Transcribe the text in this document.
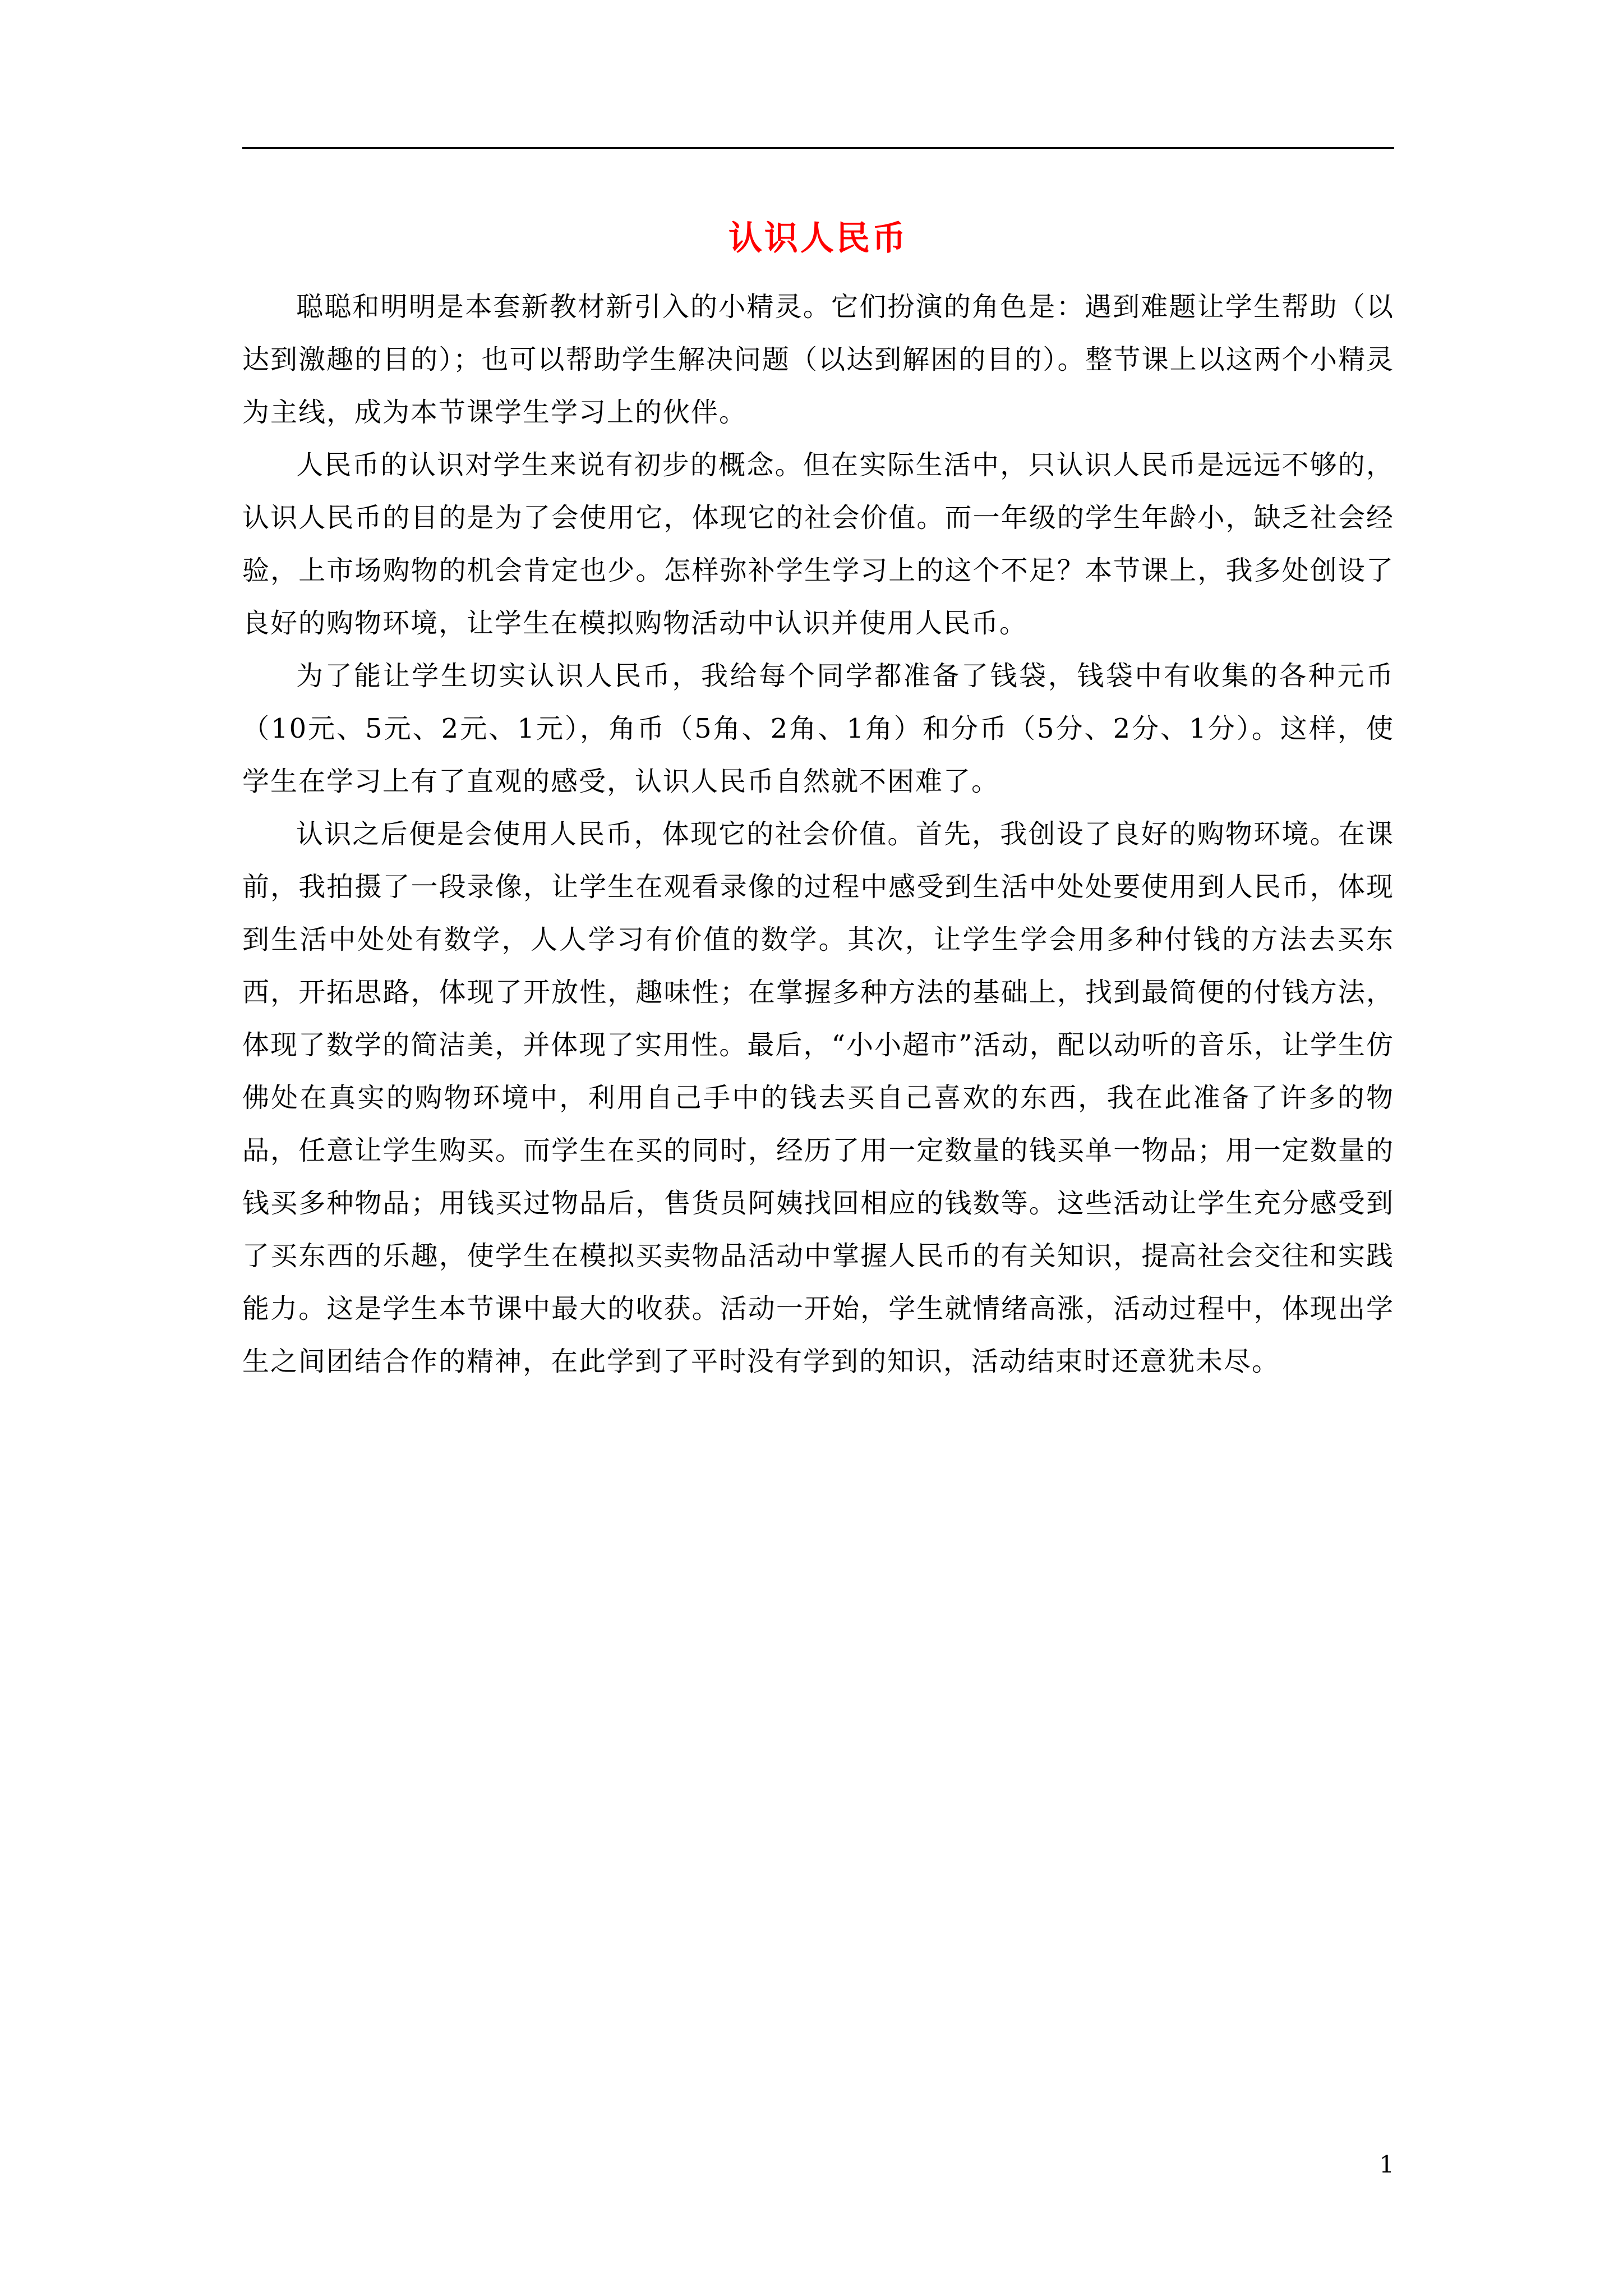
认识人民币

聪聪和明明是本套新教材新引入的小精灵。它们扮演的角色是：遇到难题让学生帮助（以达到激趣的目的）；也可以帮助学生解决问题（以达到解困的目的）。整节课上以这两个小精灵为主线，成为本节课学生学习上的伙伴。

人民币的认识对学生来说有初步的概念。但在实际生活中，只认识人民币是远远不够的，认识人民币的目的是为了会使用它，体现它的社会价值。而一年级的学生年龄小，缺乏社会经验，上市场购物的机会肯定也少。怎样弥补学生学习上的这个不足？本节课上，我多处创设了良好的购物环境，让学生在模拟购物活动中认识并使用人民币。

为了能让学生切实认识人民币，我给每个同学都准备了钱袋，钱袋中有收集的各种元币（10元、5元、2元、1元），角币（5角、2角、1角）和分币（5分、2分、1分）。这样，使学生在学习上有了直观的感受，认识人民币自然就不困难了。

认识之后便是会使用人民币，体现它的社会价值。首先，我创设了良好的购物环境。在课前，我拍摄了一段录像，让学生在观看录像的过程中感受到生活中处处要使用到人民币，体现到生活中处处有数学，人人学习有价值的数学。其次，让学生学会用多种付钱的方法去买东西，开拓思路，体现了开放性，趣味性；在掌握多种方法的基础上，找到最简便的付钱方法，体现了数学的简洁美，并体现了实用性。最后，“小小超市”活动，配以动听的音乐，让学生仿佛处在真实的购物环境中，利用自己手中的钱去买自己喜欢的东西，我在此准备了许多的物品，任意让学生购买。而学生在买的同时，经历了用一定数量的钱买单一物品；用一定数量的钱买多种物品；用钱买过物品后，售货员阿姨找回相应的钱数等。这些活动让学生充分感受到了买东西的乐趣，使学生在模拟买卖物品活动中掌握人民币的有关知识，提高社会交往和实践能力。这是学生本节课中最大的收获。活动一开始，学生就情绪高涨，活动过程中，体现出学生之间团结合作的精神，在此学到了平时没有学到的知识，活动结束时还意犹未尽。

1
